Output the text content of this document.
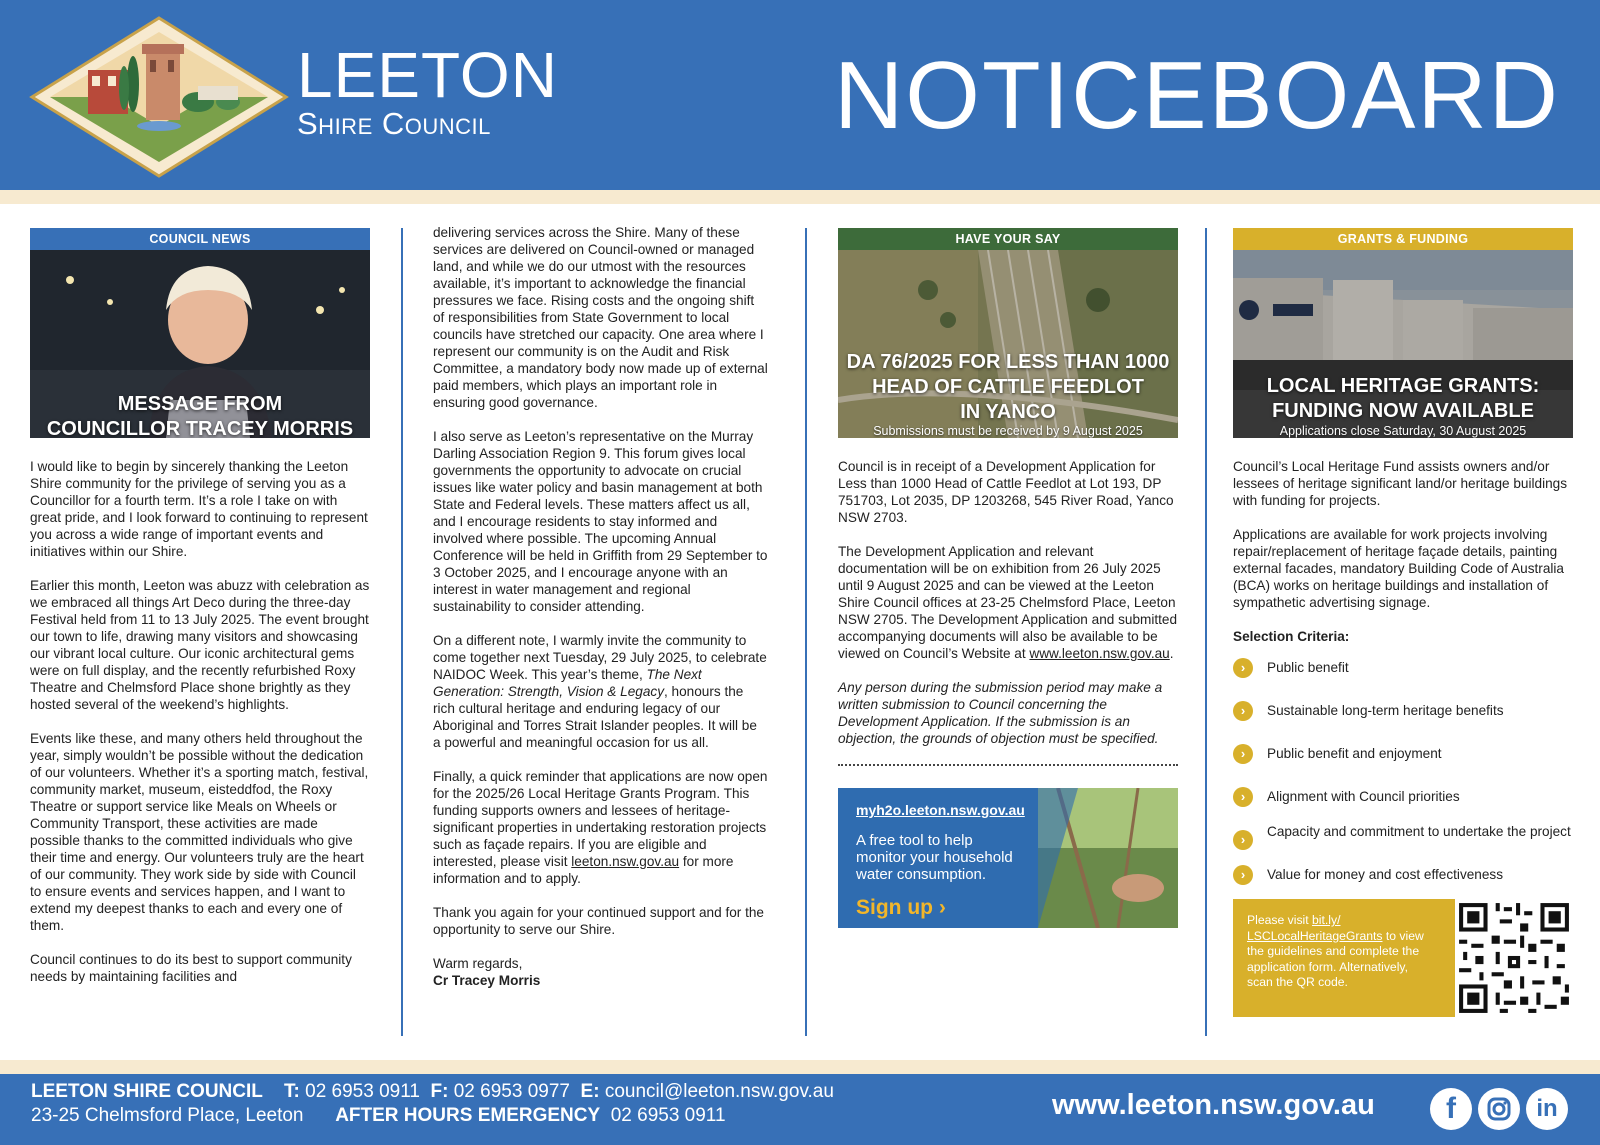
LEETON
Shire Council	NOTICEBOARD
COUNCIL NEWS
MESSAGE FROM
COUNCILLOR TRACEY MORRIS

I would like to begin by sincerely thanking the Leeton Shire community for the privilege of serving you as a Councillor for a fourth term. It’s a role I take on with great pride, and I look forward to continuing to represent you across a wide range of important events and initiatives within our Shire.

Earlier this month, Leeton was abuzz with celebration as we embraced all things Art Deco during the three-day Festival held from 11 to 13 July 2025. The event brought our town to life, drawing many visitors and showcasing our vibrant local culture. Our iconic architectural gems were on full display, and the recently refurbished Roxy Theatre and Chelmsford Place shone brightly as they hosted several of the weekend’s highlights.

Events like these, and many others held throughout the year, simply wouldn’t be possible without the dedication of our volunteers. Whether it’s a sporting match, festival, community market, museum, eisteddfod, the Roxy Theatre or support service like Meals on Wheels or Community Transport, these activities are made possible thanks to the committed individuals who give their time and energy. Our volunteers truly are the heart of our community. They work side by side with Council to ensure events and services happen, and I want to extend my deepest thanks to each and every one of them.

Council continues to do its best to support community needs by maintaining facilities and

delivering services across the Shire. Many of these services are delivered on Council-owned or managed land, and while we do our utmost with the resources available, it’s important to acknowledge the financial pressures we face. Rising costs and the ongoing shift of responsibilities from State Government to local councils have stretched our capacity. One area where I represent our community is on the Audit and Risk Committee, a mandatory body now made up of external paid members, which plays an important role in ensuring good governance.

I also serve as Leeton’s representative on the Murray Darling Association Region 9. This forum gives local governments the opportunity to advocate on crucial issues like water policy and basin management at both State and Federal levels. These matters affect us all, and I encourage residents to stay informed and involved where possible. The upcoming Annual Conference will be held in Griffith from 29 September to 3 October 2025, and I encourage anyone with an interest in water management and regional sustainability to consider attending.

On a different note, I warmly invite the community to come together next Tuesday, 29 July 2025, to celebrate NAIDOC Week. This year’s theme, The Next Generation: Strength, Vision & Legacy, honours the rich cultural heritage and enduring legacy of our Aboriginal and Torres Strait Islander peoples. It will be a powerful and meaningful occasion for us all.

Finally, a quick reminder that applications are now open for the 2025/26 Local Heritage Grants Program. This funding supports owners and lessees of heritage-significant properties in undertaking restoration projects such as façade repairs. If you are eligible and interested, please visit leeton.nsw.gov.au for more information and to apply.

Thank you again for your continued support and for the opportunity to serve our Shire.

Warm regards,
Cr Tracey Morris
HAVE YOUR SAY
DA 76/2025 FOR LESS THAN 1000
HEAD OF CATTLE FEEDLOT
IN YANCO
Submissions must be received by 9 August 2025

Council is in receipt of a Development Application for Less than 1000 Head of Cattle Feedlot at Lot 193, DP 751703, Lot 2035, DP 1203268, 545 River Road, Yanco NSW 2703.

The Development Application and relevant documentation will be on exhibition from 26 July 2025 until 9 August 2025 and can be viewed at the Leeton Shire Council offices at 23-25 Chelmsford Place, Leeton NSW 2705. The Development Application and submitted accompanying documents will also be available to be viewed on Council’s Website at www.leeton.nsw.gov.au.

Any person during the submission period may make a written submission to Council concerning the Development Application. If the submission is an objection, the grounds of objection must be specified.

myh2o.leeton.nsw.gov.au
A free tool to help
monitor your household
water consumption.
Sign up ›
GRANTS & FUNDING
LOCAL HERITAGE GRANTS:
FUNDING NOW AVAILABLE
Applications close Saturday, 30 August 2025

Council’s Local Heritage Fund assists owners and/or lessees of heritage significant land/or heritage buildings with funding for projects.

Applications are available for work projects involving repair/replacement of heritage façade details, painting external facades, mandatory Building Code of Australia (BCA) works on heritage buildings and installation of sympathetic advertising signage.

Selection Criteria:
›	Public benefit
›	Sustainable long-term heritage benefits
›	Public benefit and enjoyment
›	Alignment with Council priorities
›
Capacity and commitment to undertake the project
›	Value for money and cost effectiveness
Please visit bit.ly/ LSCLocalHeritageGrants to view the guidelines and complete the application form. Alternatively, scan the QR code.
LEETON SHIRE COUNCIL T: 02 6953 0911 F: 02 6953 0977 E: council@leeton.nsw.gov.au
23-25 Chelmsford Place, Leeton AFTER HOURS EMERGENCY 02 6953 0911	www.leeton.nsw.gov.au	f	in
